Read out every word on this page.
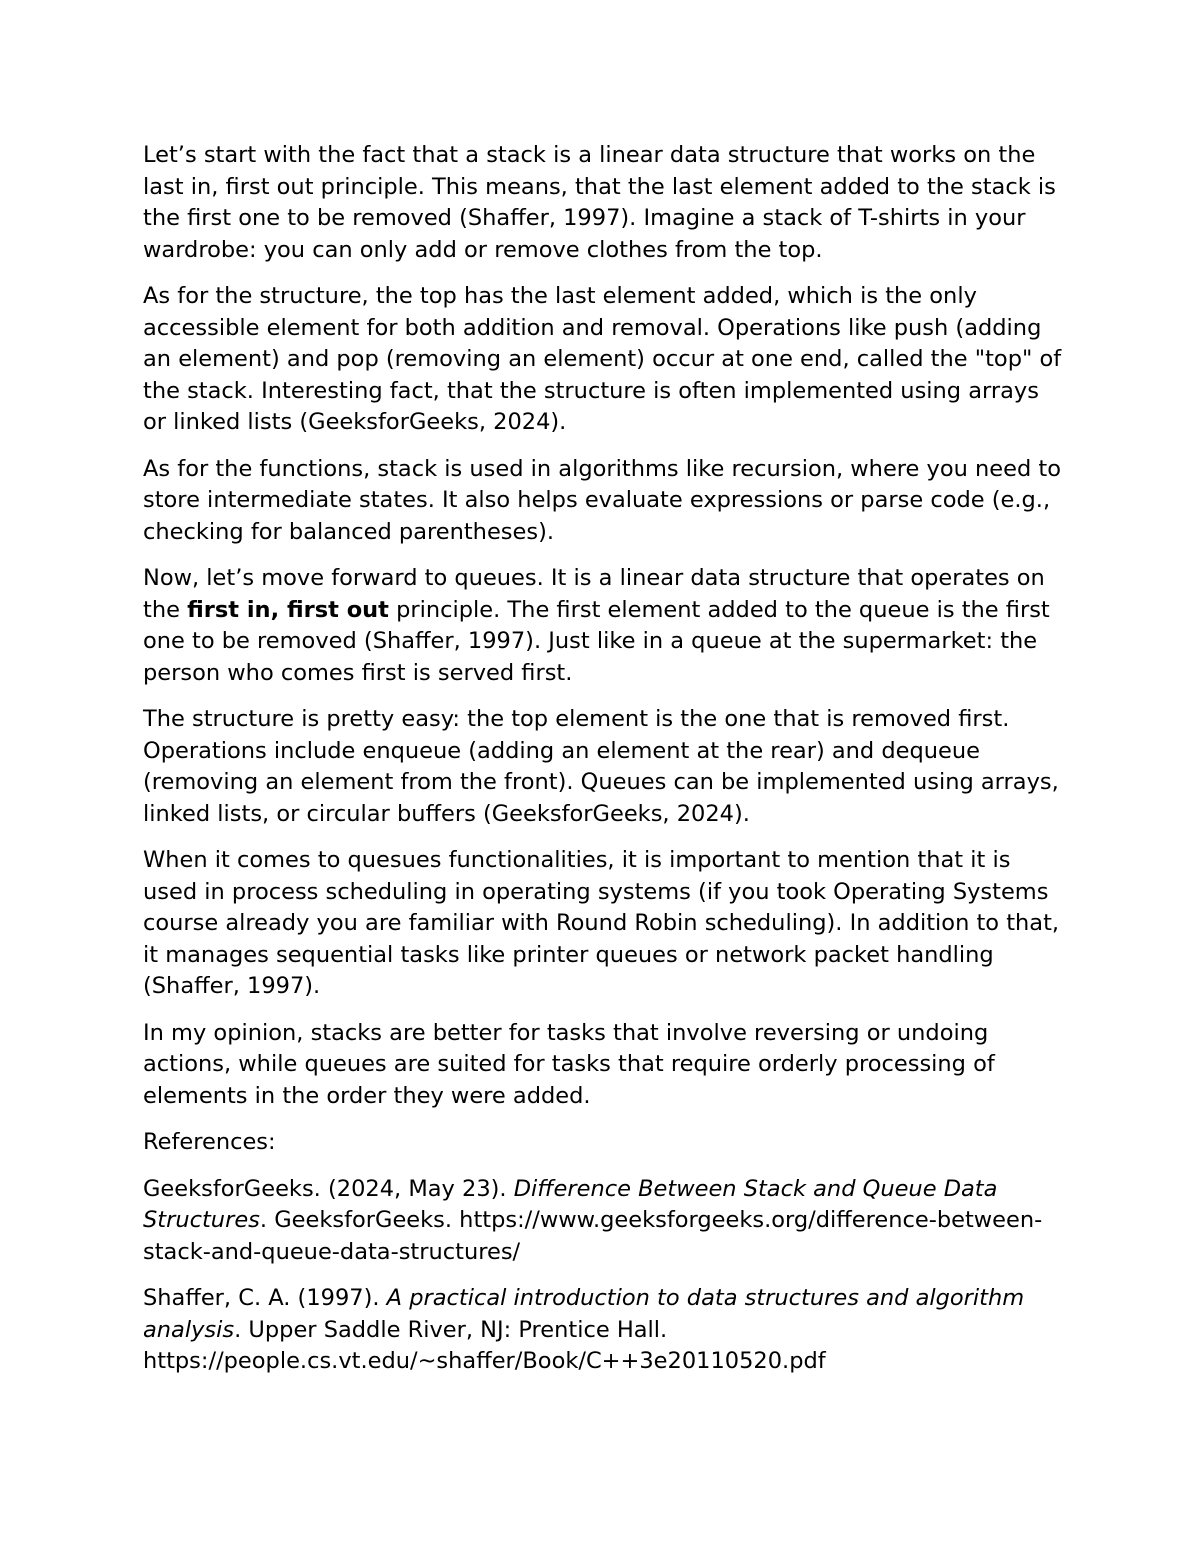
Let’s start with the fact that a stack is a linear data structure that works on the last in, first out principle. This means, that the last element added to the stack is the first one to be removed (Shaffer, 1997). Imagine a stack of T-shirts in your wardrobe: you can only add or remove clothes from the top.

As for the structure, the top has the last element added, which is the only accessible element for both addition and removal. Operations like push (adding an element) and pop (removing an element) occur at one end, called the "top" of the stack. Interesting fact, that the structure is often implemented using arrays or linked lists (GeeksforGeeks, 2024).

As for the functions, stack is used in algorithms like recursion, where you need to store intermediate states. It also helps evaluate expressions or parse code (e.g., checking for balanced parentheses).

Now, let’s move forward to queues. It is a linear data structure that operates on the first in, first out principle. The first element added to the queue is the first one to be removed (Shaffer, 1997). Just like in a queue at the supermarket: the person who comes first is served first.

The structure is pretty easy: the top element is the one that is removed first. Operations include enqueue (adding an element at the rear) and dequeue (removing an element from the front). Queues can be implemented using arrays, linked lists, or circular buffers (GeeksforGeeks, 2024).

When it comes to quesues functionalities, it is important to mention that it is used in process scheduling in operating systems (if you took Operating Systems course already you are familiar with Round Robin scheduling). In addition to that, it manages sequential tasks like printer queues or network packet handling (Shaffer, 1997).

In my opinion, stacks are better for tasks that involve reversing or undoing actions, while queues are suited for tasks that require orderly processing of elements in the order they were added.

References:

GeeksforGeeks. (2024, May 23). Difference Between Stack and Queue Data Structures. GeeksforGeeks. https://www.geeksforgeeks.org/difference-between-stack-and-queue-data-structures/

Shaffer, C. A. (1997). A practical introduction to data structures and algorithm analysis. Upper Saddle River, NJ: Prentice Hall. https://people.cs.vt.edu/~shaffer/Book/C++3e20110520.pdf
